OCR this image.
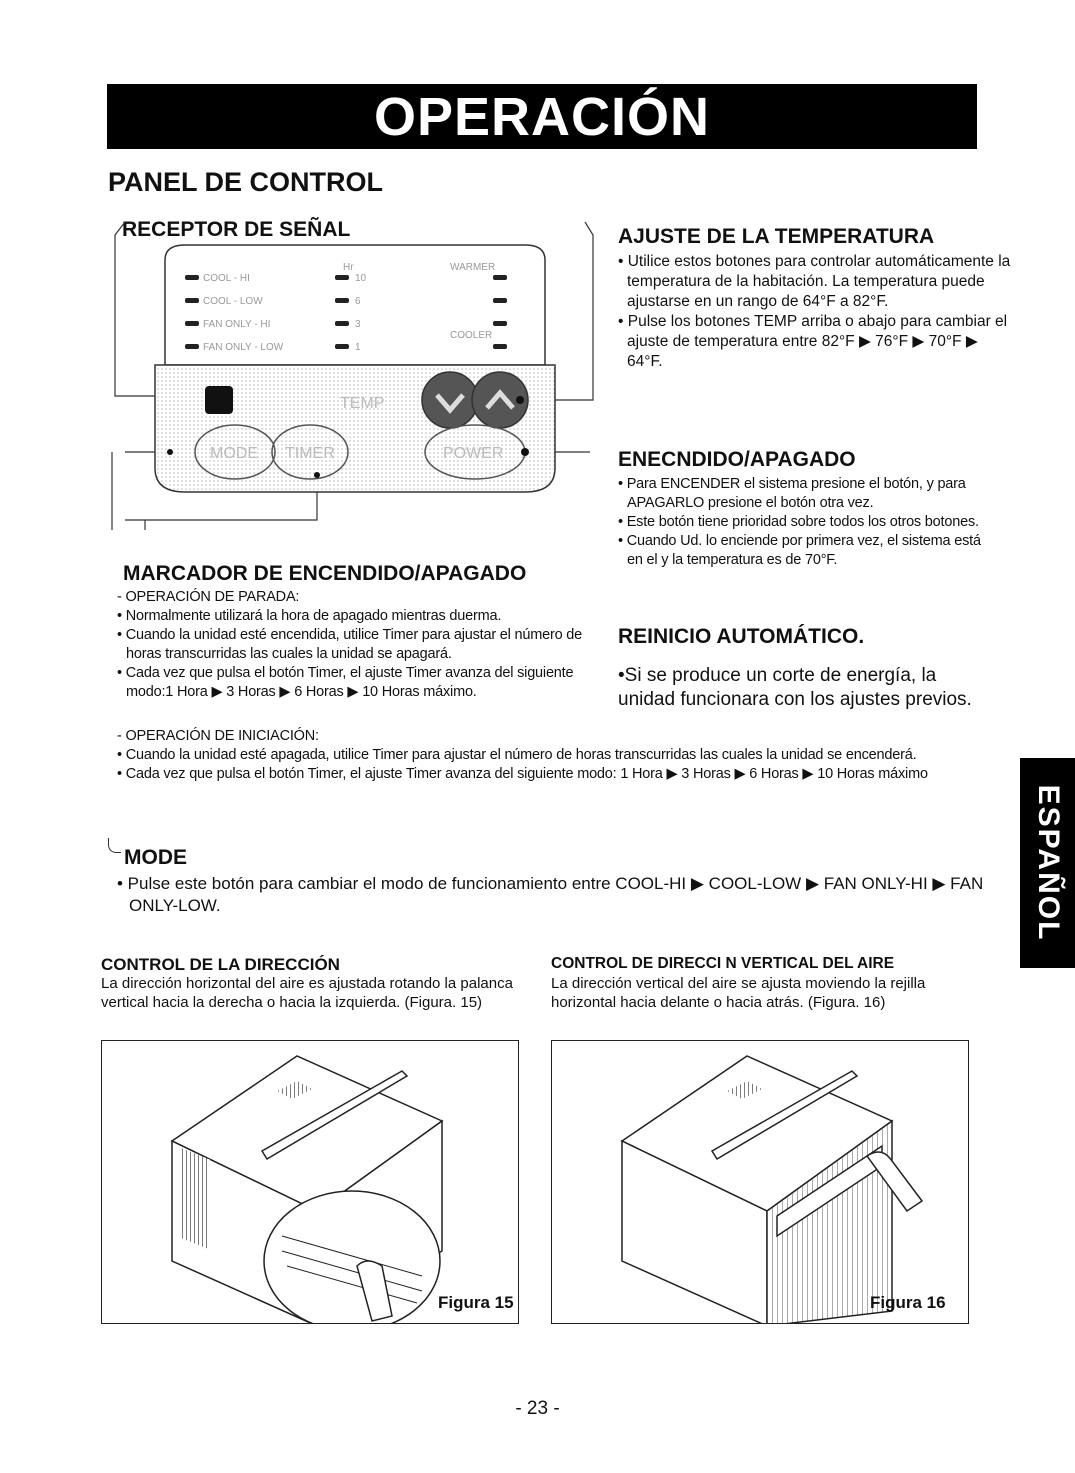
OPERACIÓN
PANEL DE CONTROL
RECEPTOR DE SEÑAL
COOL - HI
COOL - LOW
FAN ONLY - HI
FAN ONLY - LOW
Hr
10
6
3
1
WARMER
COOLER
TEMP
MODE TIMER	POWER
AJUSTE DE LA TEMPERATURA
• Utilice estos botones para controlar automáticamente la temperatura de la habitación. La temperatura puede ajustarse en un rango de 64°F a 82°F.
• Pulse los botones TEMP arriba o abajo para cambiar el ajuste de temperatura entre 82°F ▶ 76°F ▶ 70°F ▶ 64°F.
ENECNDIDO/APAGADO
• Para ENCENDER el sistema presione el botón, y para APAGARLO presione el botón otra vez.
• Este botón tiene prioridad sobre todos los otros botones.
• Cuando Ud. lo enciende por primera vez, el sistema está en el y la temperatura es de 70°F.
REINICIO AUTOMÁTICO.
•Si se produce un corte de energía, la unidad funcionara con los ajustes previos.
MARCADOR DE ENCENDIDO/APAGADO
- OPERACIÓN DE PARADA:
• Normalmente utilizará la hora de apagado mientras duerma.
• Cuando la unidad esté encendida, utilice Timer para ajustar el número de horas transcurridas las cuales la unidad se apagará.
• Cada vez que pulsa el botón Timer, el ajuste Timer avanza del siguiente modo:1 Hora ▶ 3 Horas ▶ 6 Horas ▶ 10 Horas máximo.
- OPERACIÓN DE INICIACIÓN:
• Cuando la unidad esté apagada, utilice Timer para ajustar el número de horas transcurridas las cuales la unidad se encenderá.
• Cada vez que pulsa el botón Timer, el ajuste Timer avanza del siguiente modo: 1 Hora ▶ 3 Horas ▶ 6 Horas ▶ 10 Horas máximo
MODE
• Pulse este botón para cambiar el modo de funcionamiento entre COOL-HI ▶ COOL-LOW ▶ FAN ONLY-HI ▶ FAN ONLY-LOW.
CONTROL DE LA DIRECCIÓN
La dirección horizontal del aire es ajustada rotando la palanca vertical hacia la derecha o hacia la izquierda. (Figura. 15)
CONTROL DE DIRECCI N VERTICAL DEL AIRE
La dirección vertical del aire se ajusta moviendo la rejilla horizontal hacia delante o hacia atrás. (Figura. 16)
Figura 15	Figura 16
ESPAÑOL
- 23 -
